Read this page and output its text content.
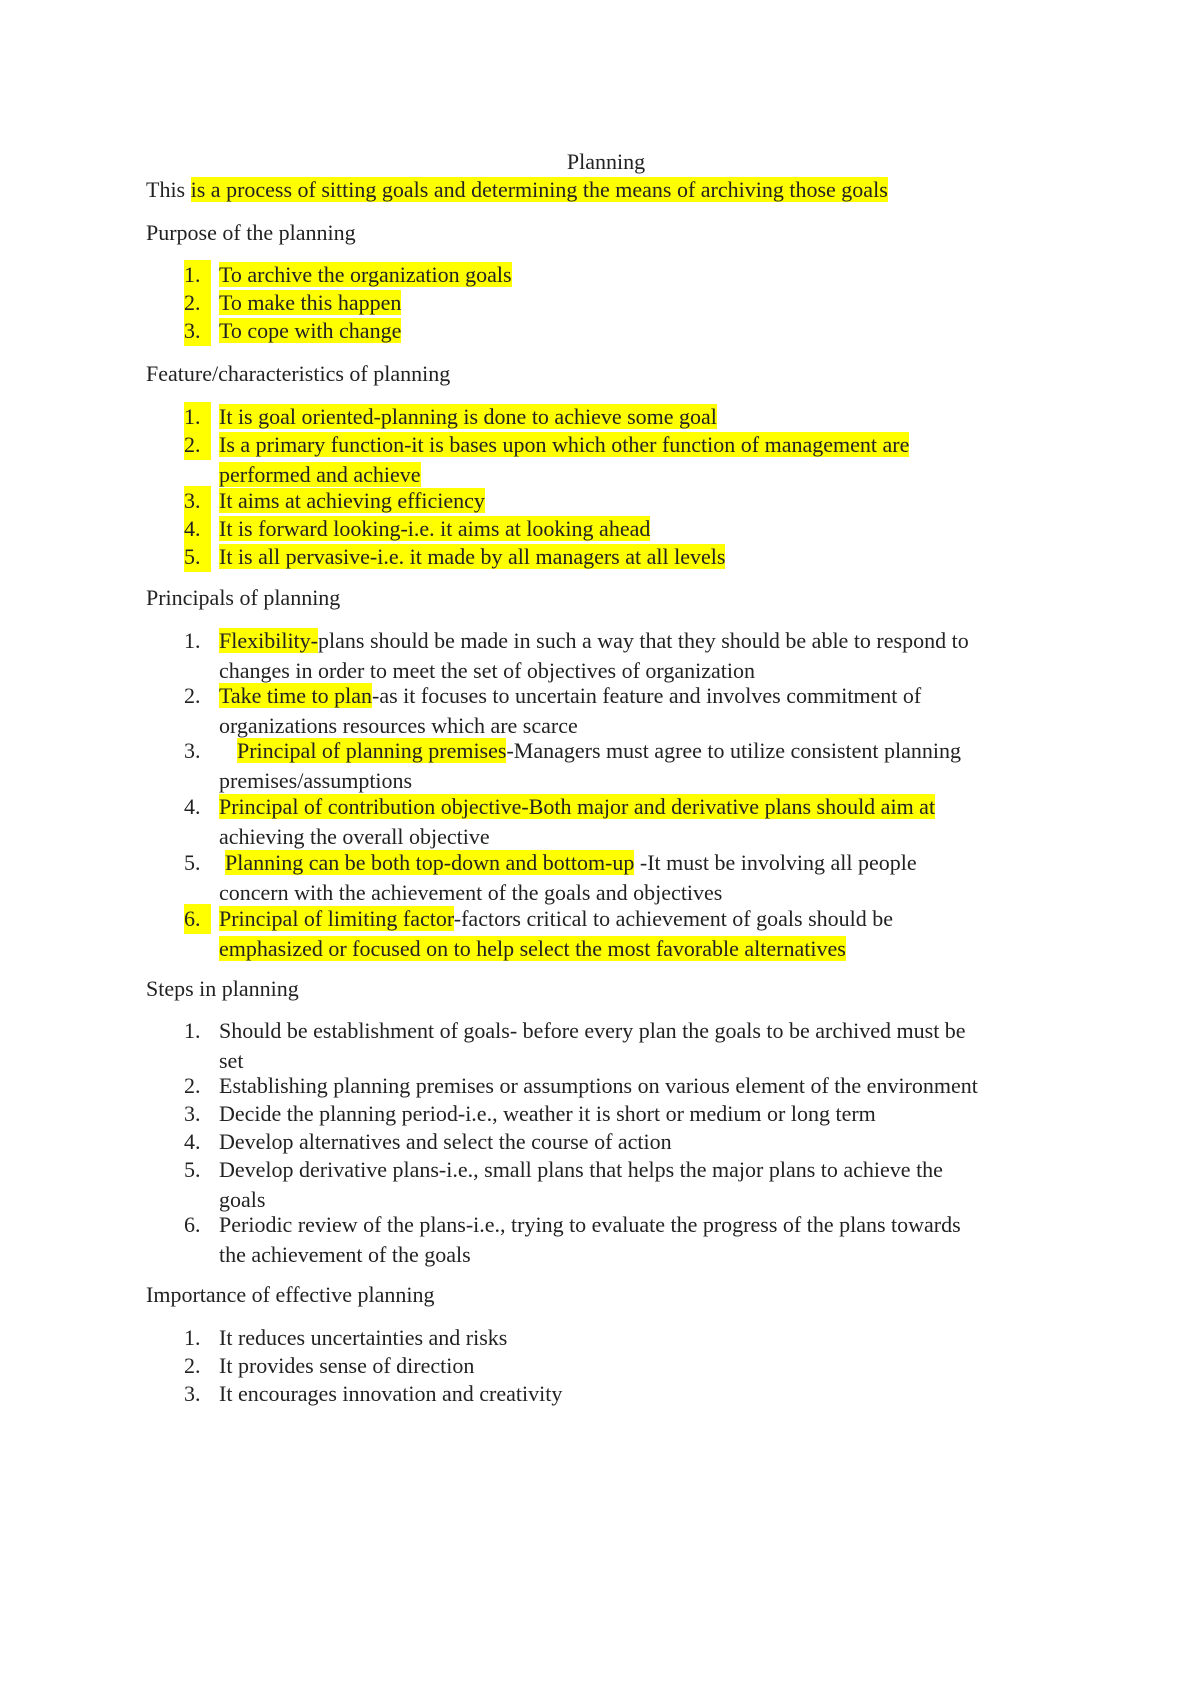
Planning
This is a process of sitting goals and determining the means of archiving those goals
Purpose of the planning
1. To archive the organization goals
2. To make this happen
3. To cope with change
Feature/characteristics of planning
1. It is goal oriented-planning is done to achieve some goal
2. Is a primary function-it is bases upon which other function of management are
performed and achieve
3. It aims at achieving efficiency
4. It is forward looking-i.e. it aims at looking ahead
5. It is all pervasive-i.e. it made by all managers at all levels
Principals of planning
1. Flexibility-plans should be made in such a way that they should be able to respond to
changes in order to meet the set of objectives of organization
2. Take time to plan-as it focuses to uncertain feature and involves commitment of
organizations resources which are scarce
3. Principal of planning premises-Managers must agree to utilize consistent planning
premises/assumptions
4. Principal of contribution objective-Both major and derivative plans should aim at
achieving the overall objective
5. Planning can be both top-down and bottom-up -It must be involving all people
concern with the achievement of the goals and objectives
6. Principal of limiting factor-factors critical to achievement of goals should be
emphasized or focused on to help select the most favorable alternatives
Steps in planning
1. Should be establishment of goals- before every plan the goals to be archived must be
set
2. Establishing planning premises or assumptions on various element of the environment
3. Decide the planning period-i.e., weather it is short or medium or long term
4. Develop alternatives and select the course of action
5. Develop derivative plans-i.e., small plans that helps the major plans to achieve the
goals
6. Periodic review of the plans-i.e., trying to evaluate the progress of the plans towards
the achievement of the goals
Importance of effective planning
1. It reduces uncertainties and risks
2. It provides sense of direction
3. It encourages innovation and creativity
